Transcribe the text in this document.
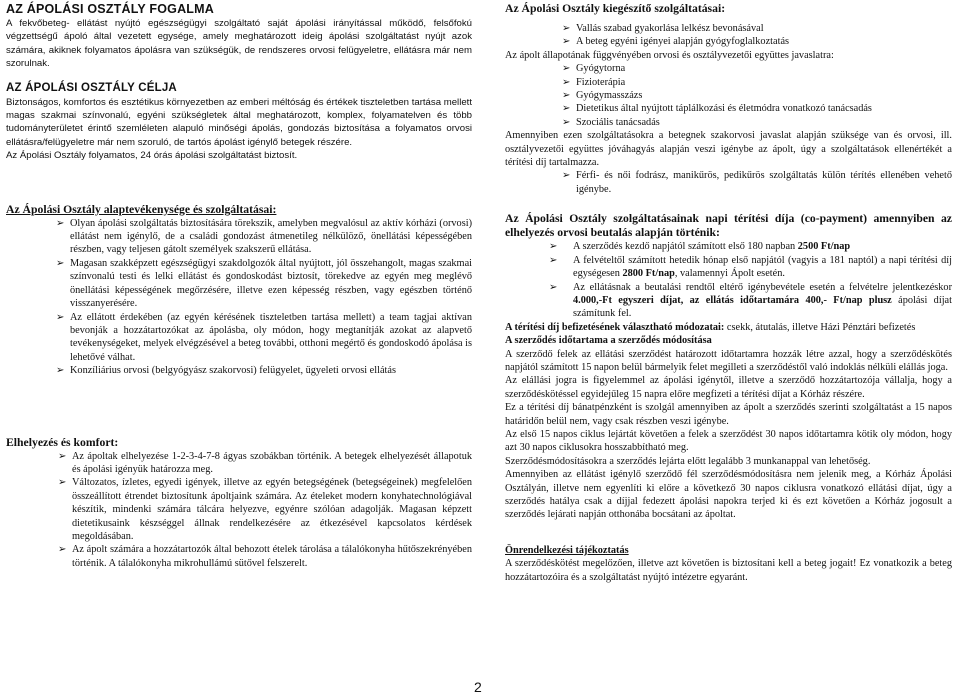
AZ ÁPOLÁSI OSZTÁLY FOGALMA
A fekvőbeteg- ellátást nyújtó egészségügyi szolgáltató saját ápolási irányítással működő, felsőfokú végzettségű ápoló által vezetett egysége, amely meghatározott ideig ápolási szolgáltatást nyújt azok számára, akiknek folyamatos ápolásra van szükségük, de rendszeres orvosi felügyeletre, ellátásra már nem szorulnak.
AZ ÁPOLÁSI OSZTÁLY CÉLJA
Biztonságos, komfortos és esztétikus környezetben az emberi méltóság és értékek tiszteletben tartása mellett magas szakmai színvonalú, egyéni szükségletek által meghatározott, komplex, folyamatelven és több tudományterületet érintő szemléleten alapuló minőségi ápolás, gondozás biztosítása a folyamatos orvosi ellátásra/felügyeletre már nem szoruló, de tartós ápolást igénylő betegek részére.
Az Ápolási Osztály folyamatos, 24 órás ápolási szolgáltatást biztosít.
Az Ápolási Osztály alaptevékenysége és szolgáltatásai:
➢ Olyan ápolási szolgáltatás biztosítására törekszik, amelyben megvalósul az aktív kórházi (orvosi) ellátást nem igénylő, de a családi gondozást átmenetileg nélkülöző, önellátási képességében részben, vagy teljesen gátolt személyek szakszerű ellátása.
➢ Magasan szakképzett egészségügyi szakdolgozók által nyújtott, jól összehangolt, magas szakmai színvonalú testi és lelki ellátást és gondoskodást biztosít, törekedve az egyén meg meglévő önellátási képességének megőrzésére, illetve ezen képesség részben, vagy egészben történő visszanyerésére.
➢ Az ellátott érdekében (az egyén kérésének tiszteletben tartása mellett) a team tagjai aktívan bevonják a hozzátartozókat az ápolásba, oly módon, hogy megtanítják azokat az alapvető tevékenységeket, melyek elvégzésével a beteg további, otthoni megértő és gondoskodó ápolása is lehetővé válhat.
➢ Konzíliárius orvosi (belgyógyász szakorvosi) felügyelet, ügyeleti orvosi ellátás
Elhelyezés és komfort:
➢ Az ápoltak elhelyezése 1-2-3-4-7-8 ágyas szobákban történik. A betegek elhelyezését állapotuk és ápolási igényük határozza meg.
➢ Változatos, ízletes, egyedi igények, illetve az egyén betegségének (betegségeinek) megfelelően összeállított étrendet biztosítunk ápoltjaink számára. Az ételeket modern konyhatechnológiával készítik, mindenki számára tálcára helyezve, egyénre szólóan adagolják. Magasan képzett dietetikusaink készséggel állnak rendelkezésére az étkezésével kapcsolatos kérdések megoldásában.
➢ Az ápolt számára a hozzátartozók által behozott ételek tárolása a tálalókonyha hűtőszekrényében történik. A tálalókonyha mikrohullámú sütővel felszerelt.
Az Ápolási Osztály kiegészítő szolgáltatásai:
➢ Vallás szabad gyakorlása lelkész bevonásával
➢ A beteg egyéni igényei alapján gyógyfoglalkoztatás
Az ápolt állapotának függvényében orvosi és osztályvezetői együttes javaslatra:
➢ Gyógytorna
➢ Fizioterápia
➢ Gyógymasszázs
➢ Dietetikus által nyújtott táplálkozási és életmódra vonatkozó tanácsadás
➢ Szociális tanácsadás
Amennyiben ezen szolgáltatásokra a betegnek szakorvosi javaslat alapján szüksége van és orvosi, ill. osztályvezetői együttes jóváhagyás alapján veszi igénybe az ápolt, úgy a szolgáltatások ellenértékét a térítési díj tartalmazza.
➢ Férfi- és női fodrász, manikűrös, pedikűrös szolgáltatás külön térítés ellenében vehető igénybe.
Az Ápolási Osztály szolgáltatásainak napi térítési díja (co-payment) amennyiben az elhelyezés orvosi beutalás alapján történik:
➢	A szerződés kezdő napjától számított első 180 napban 2500 Ft/nap
➢	A felvételtől számított hetedik hónap első napjától (vagyis a 181 naptól) a napi térítési díj egységesen 2800 Ft/nap, valamennyi Ápolt esetén.
➢	Az ellátásnak a beutalási rendtől eltérő igénybevétele esetén a felvételre jelentkezéskor 4.000,-Ft egyszeri díjat, az ellátás időtartamára 400,- Ft/nap plusz ápolási díjat számítunk fel.
A térítési díj befizetésének választható módozatai: csekk, átutalás, illetve Házi Pénztári befizetés
A szerződés időtartama a szerződés módosítása
A szerződő felek az ellátási szerződést határozott időtartamra hozzák létre azzal, hogy a szerződéskötés napjától számított 15 napon belül bármelyik felet megilleti a szerződéstől való indoklás nélküli elállás joga.
Az elállási jogra is figyelemmel az ápolási igénytől, illetve a szerződő hozzátartozója vállalja, hogy a szerződéskötéssel egyidejűleg 15 napra előre megfizeti a térítési díjat a Kórház részére.
Ez a térítési díj bánatpénzként is szolgál amennyiben az ápolt a szerződés szerinti szolgáltatást a 15 napos határidőn belül nem, vagy csak részben veszi igénybe.
Az első 15 napos ciklus lejártát követően a felek a szerződést 30 napos időtartamra kötik oly módon, hogy azt 30 napos ciklusokra hosszabbítható meg.
Szerződésmódosításokra a szerződés lejárta előtt legalább 3 munkanappal van lehetőség.
Amennyiben az ellátást igénylő szerződő fél szerződésmódosításra nem jelenik meg, a Kórház Ápolási Osztályán, illetve nem egyenlíti ki előre a következő 30 napos ciklusra vonatkozó ellátási díjat, úgy a szerződés hatálya csak a díjjal fedezett ápolási napokra terjed ki és ezt követően a Kórház jogosult a szerződés lejárati napján otthonába bocsátani az ápoltat.
Önrendelkezési tájékoztatás
A szerződéskötést megelőzően, illetve azt követően is biztosítani kell a beteg jogait! Ez vonatkozik a beteg hozzátartozóira és a szolgáltatást nyújtó intézetre egyaránt.
2
